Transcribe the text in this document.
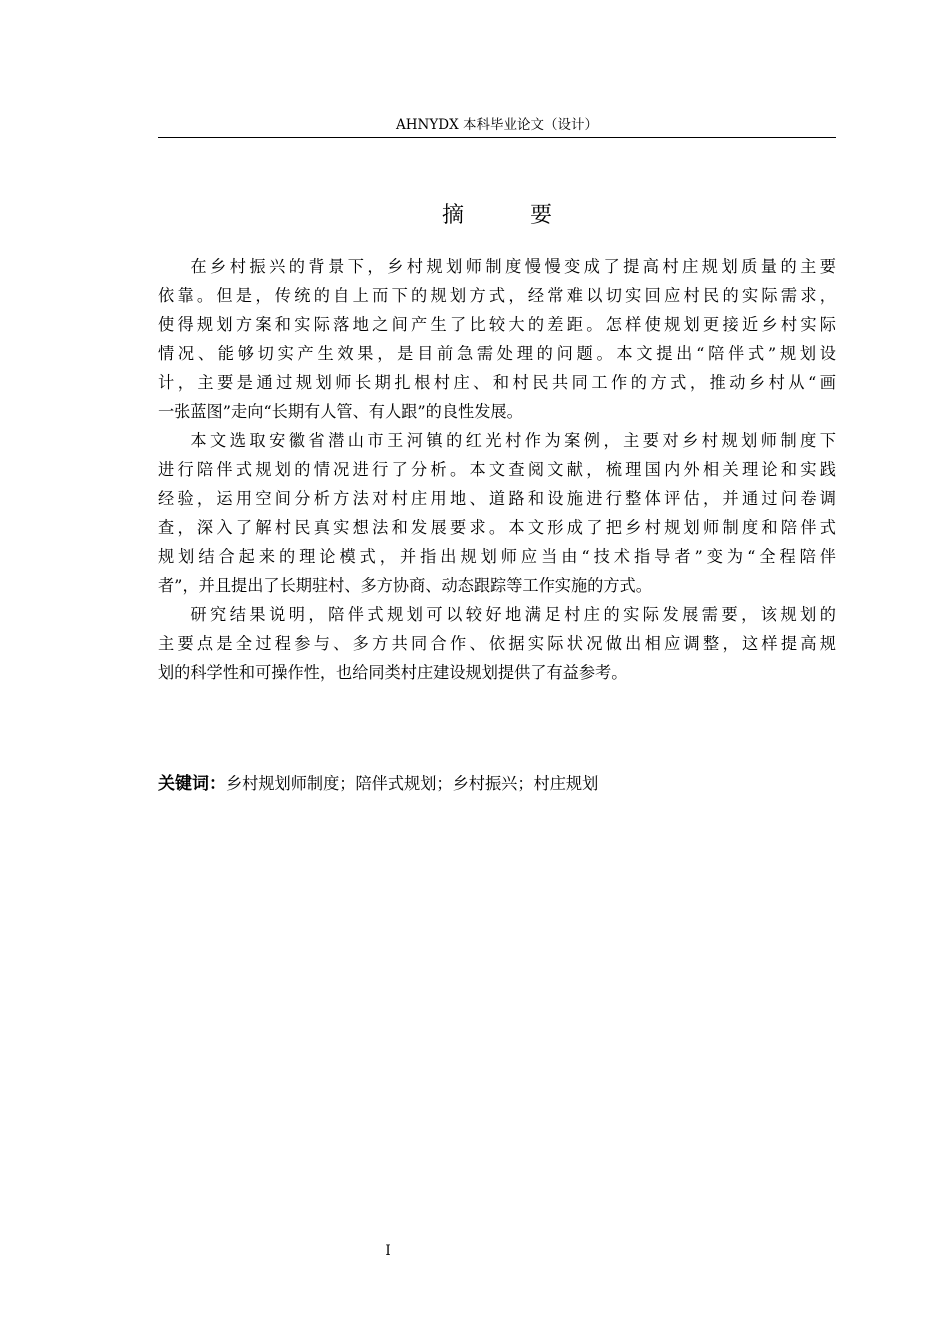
AHNYDX 本科毕业论文（设计）
摘　要

在乡村振兴的背景下，乡村规划师制度慢慢变成了提高村庄规划质量的主要
依靠。但是，传统的自上而下的规划方式，经常难以切实回应村民的实际需求，
使得规划方案和实际落地之间产生了比较大的差距。怎样使规划更接近乡村实际
情况、能够切实产生效果，是目前急需处理的问题。本文提出“陪伴式”规划设
计，主要是通过规划师长期扎根村庄、和村民共同工作的方式，推动乡村从“画
一张蓝图”走向“长期有人管、有人跟”的良性发展。

本文选取安徽省潜山市王河镇的红光村作为案例，主要对乡村规划师制度下
进行陪伴式规划的情况进行了分析。本文查阅文献，梳理国内外相关理论和实践
经验，运用空间分析方法对村庄用地、道路和设施进行整体评估，并通过问卷调
查，深入了解村民真实想法和发展要求。本文形成了把乡村规划师制度和陪伴式
规划结合起来的理论模式，并指出规划师应当由“技术指导者”变为“全程陪伴
者”，并且提出了长期驻村、多方协商、动态跟踪等工作实施的方式。

研究结果说明，陪伴式规划可以较好地满足村庄的实际发展需要，该规划的
主要点是全过程参与、多方共同合作、依据实际状况做出相应调整，这样提高规
划的科学性和可操作性，也给同类村庄建设规划提供了有益参考。

关键词：乡村规划师制度；陪伴式规划；乡村振兴；村庄规划
I
